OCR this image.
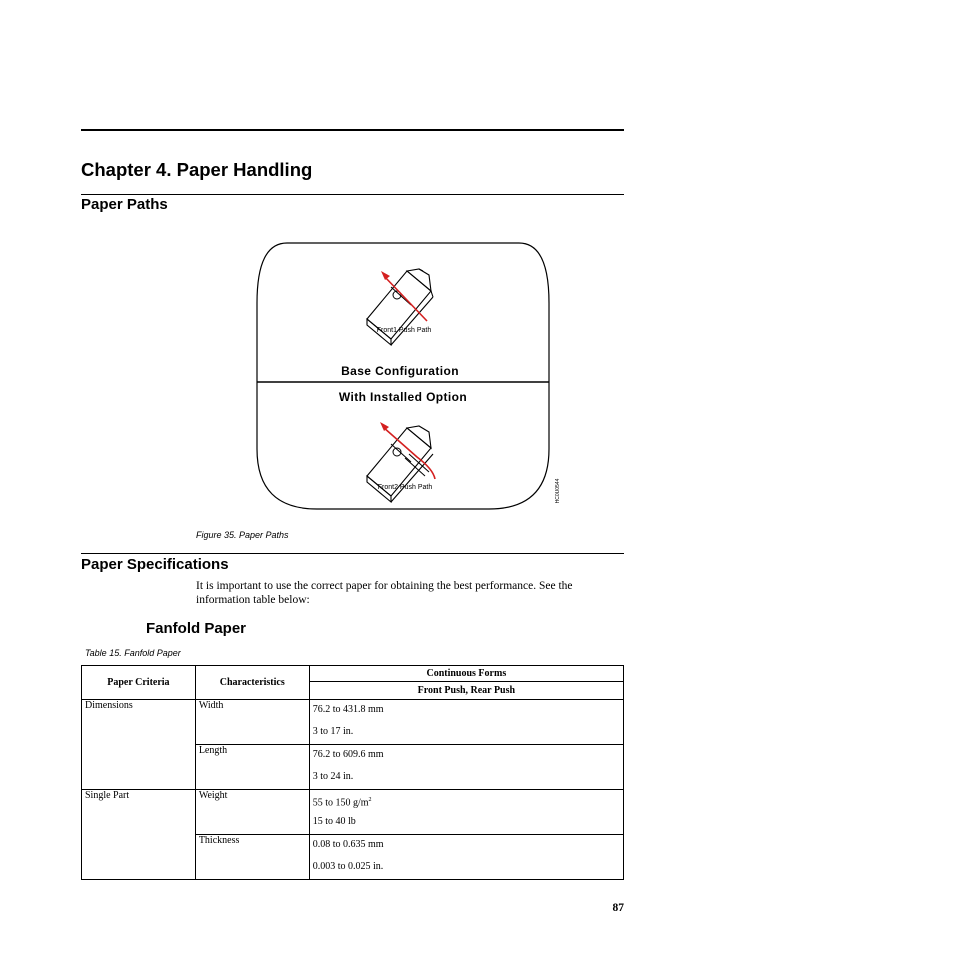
Chapter 4. Paper Handling
Paper Paths
Front1 Push Path
Base Configuration
With Installed Option
Front2 Push Path	HC0U0544
Figure 35. Paper Paths
Paper Specifications

It is important to use the correct paper for obtaining the best performance. See the information table below:

Fanfold Paper
Table 15. Fanfold Paper
Paper Criteria	Characteristics	Continuous Forms
		Front Push, Rear Push
Dimensions	Width	76.2 to 431.8 mm
3 to 17 in.

	Length	76.2 to 609.6 mm
3 to 24 in.

Single Part	Weight	55 to 150 $g/m^2$
15 to 40 lb

	Thickness	0.08 to 0.635 mm
0.003 to 0.025 in.
87
